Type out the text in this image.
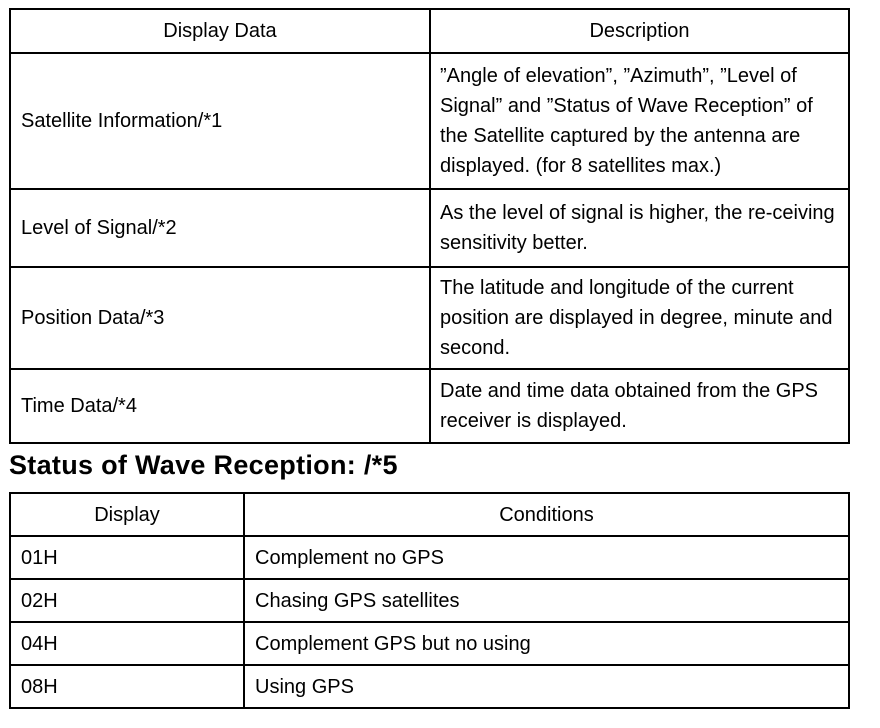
Display Data	Description
Satellite Information/*1	”Angle of elevation”, ”Azimuth”, ”Level of Signal” and ”Status of Wave Reception” of the Satellite captured by the antenna are displayed. (for 8 satellites max.)
Level of Signal/*2	As the level of signal is higher, the re-ceiving sensitivity better.
Position Data/*3	The latitude and longitude of the current position are displayed in degree, minute and second.
Time Data/*4	Date and time data obtained from the GPS receiver is displayed.
Status of Wave Reception: /*5
Display	Conditions
01H	Complement no GPS
02H	Chasing GPS satellites
04H	Complement GPS but no using
08H	Using GPS
